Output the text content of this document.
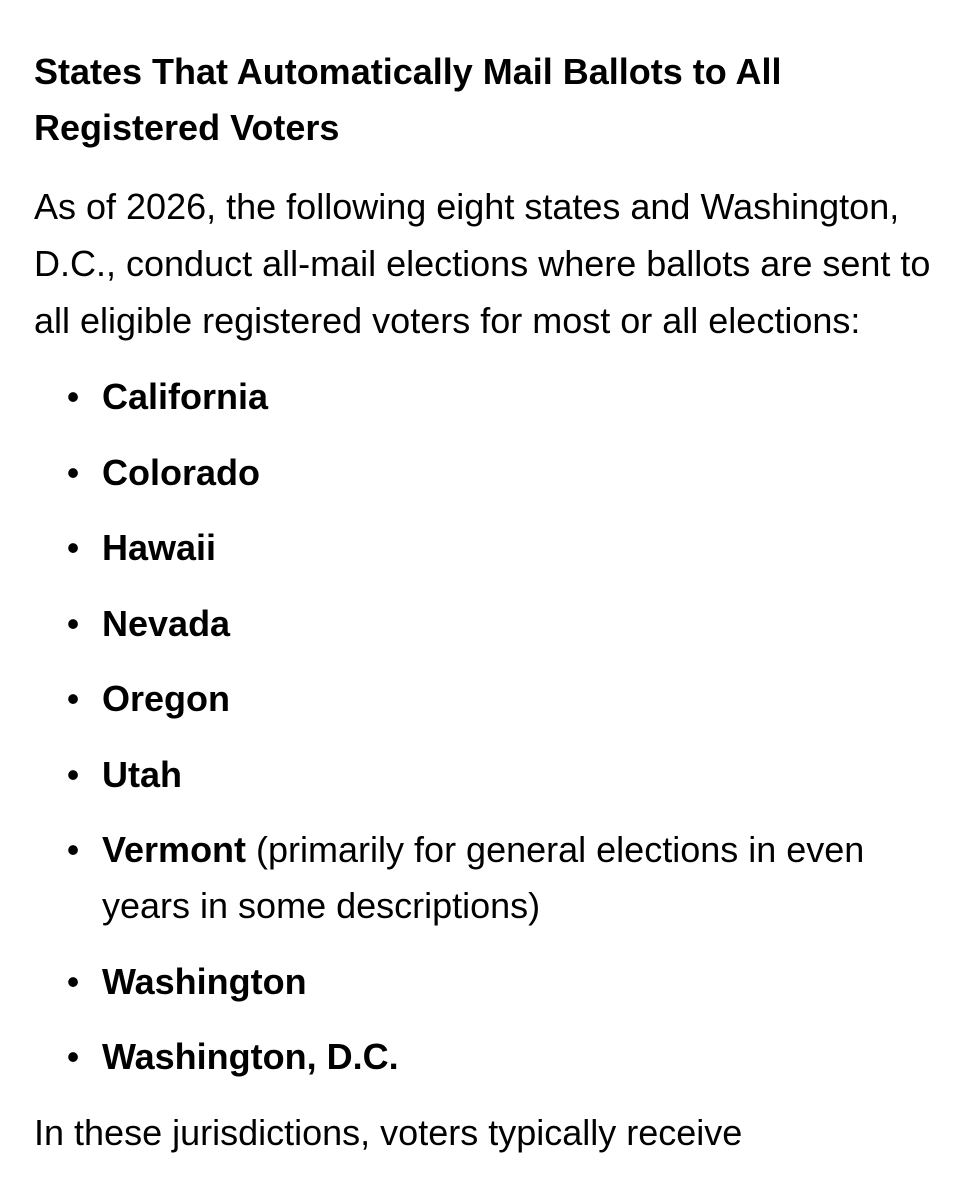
States That Automatically Mail Ballots to All Registered Voters

As of 2026, the following eight states and Washington, D.C., conduct all-mail elections where ballots are sent to all eligible registered voters for most or all elections:

• California
• Colorado
• Hawaii
• Nevada
• Oregon
• Utah
• Vermont (primarily for general elections in even years in some descriptions)
• Washington
• Washington, D.C.

In these jurisdictions, voters typically receive
